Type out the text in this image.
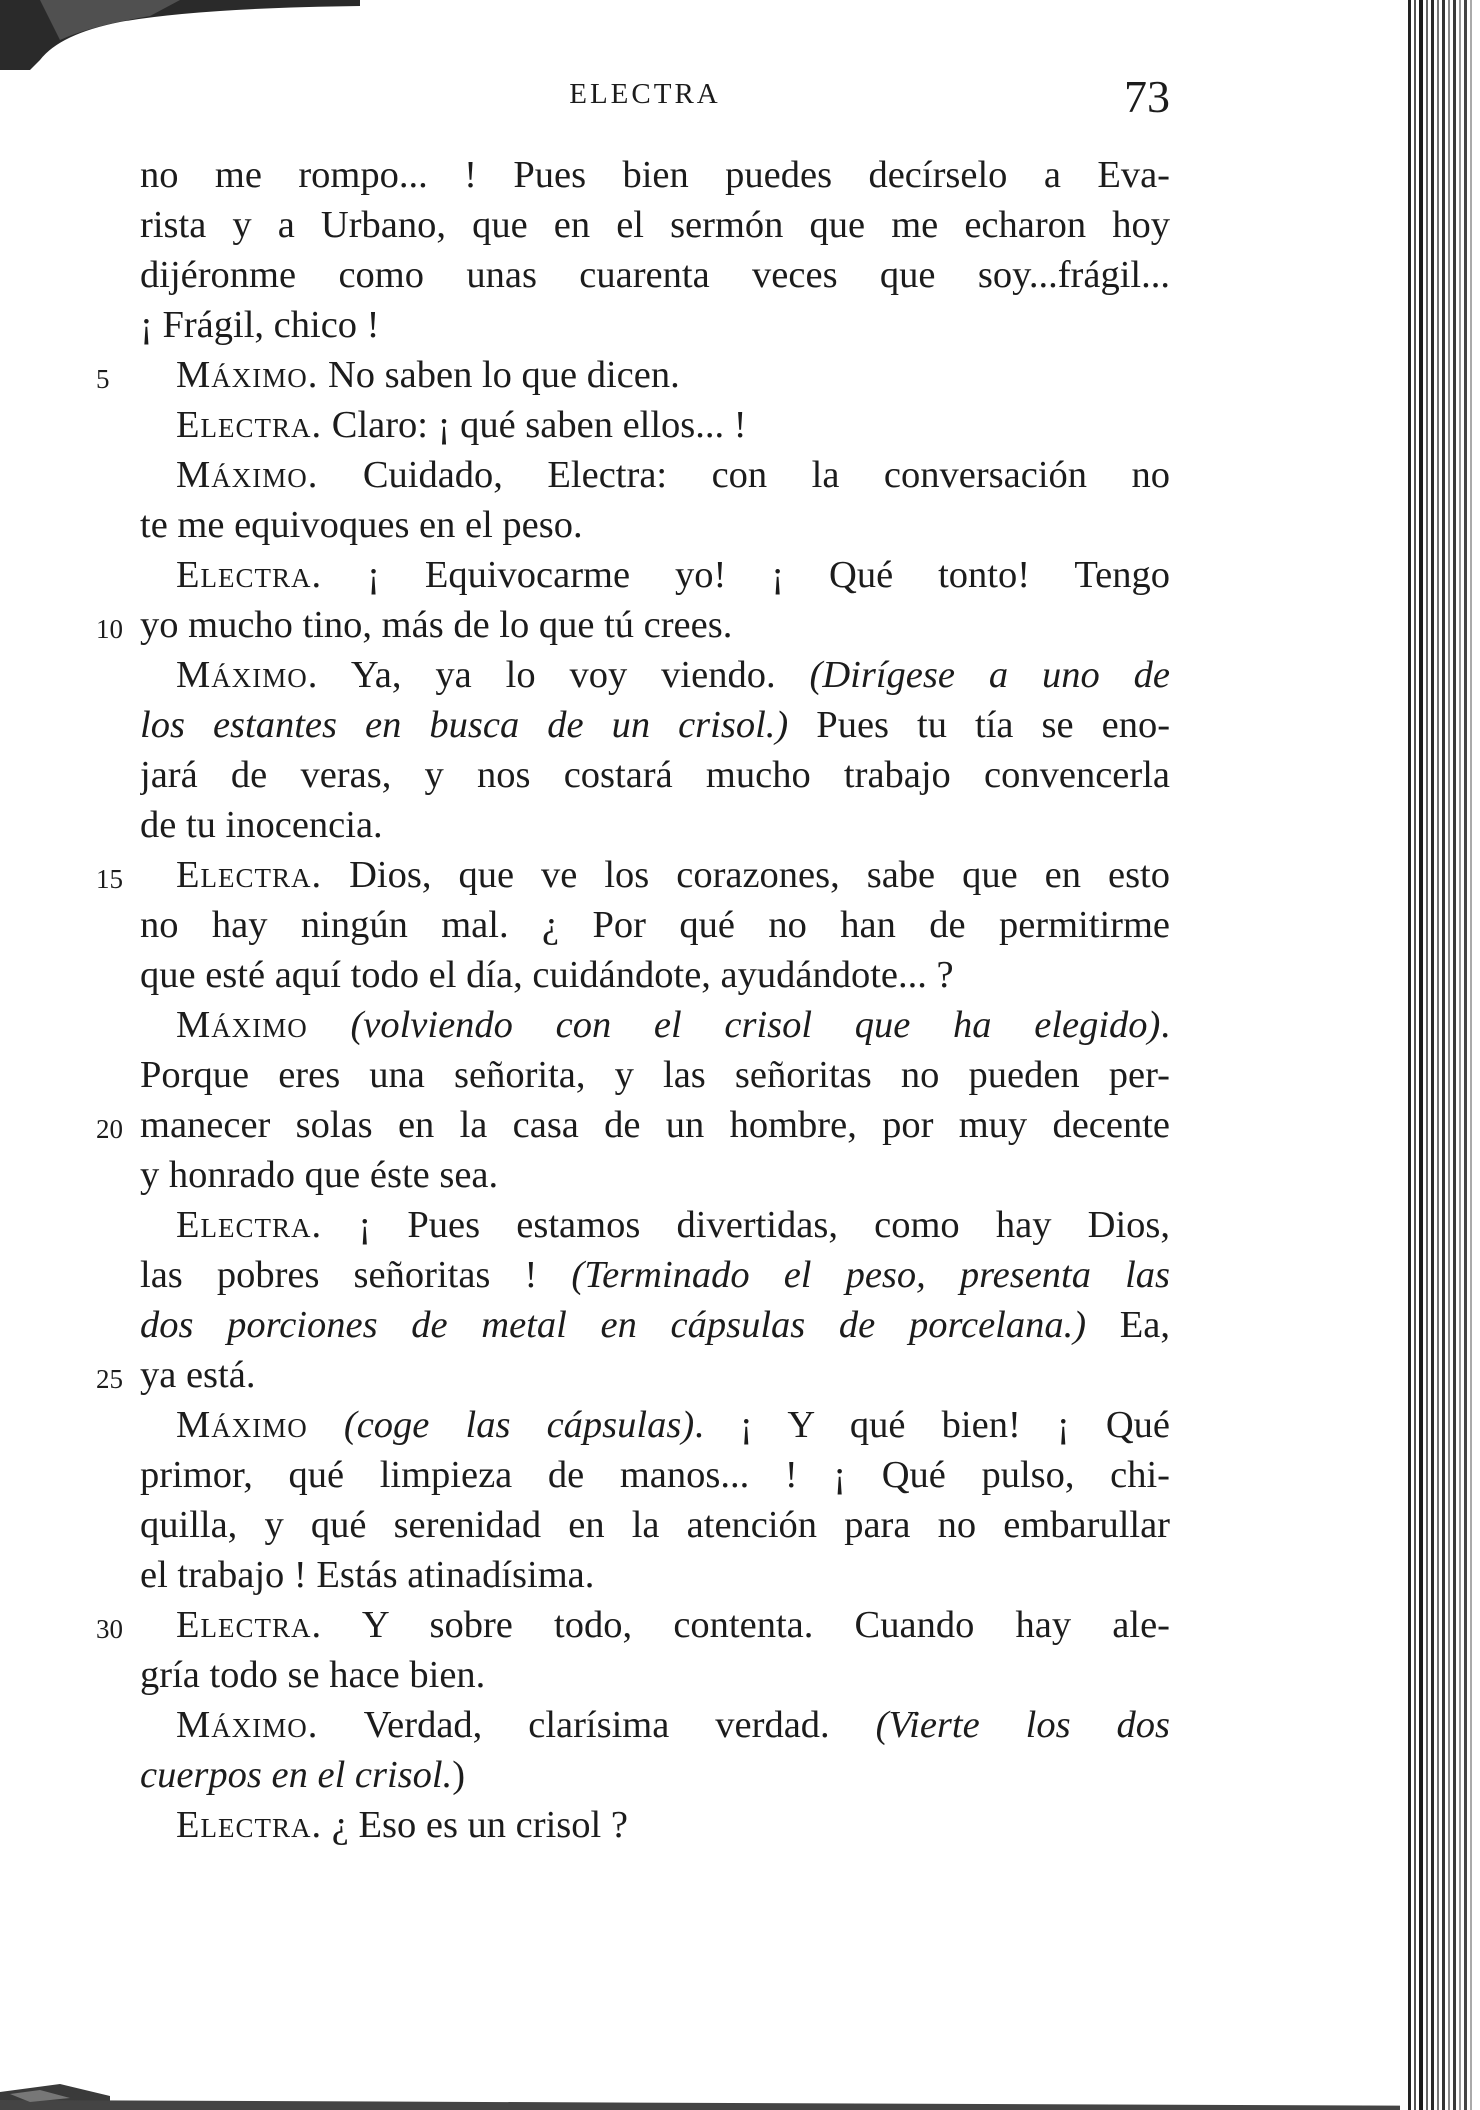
ELECTRA	73
no me rompo... ! Pues bien puedes decírselo a Eva-
rista y a Urbano, que en el sermón que me echaron hoy
dijéronme como unas cuarenta veces que soy...frágil...
¡ Frágil, chico !
5	Máximo. No saben lo que dicen.
Electra. Claro: ¡ qué saben ellos... !
Máximo. Cuidado, Electra: con la conversación no
te me equivoques en el peso.
Electra. ¡ Equivocarme yo! ¡ Qué tonto! Tengo
10 yo mucho tino, más de lo que tú crees.
Máximo. Ya, ya lo voy viendo. (Dirígese a uno de
los estantes en busca de un crisol.) Pues tu tía se eno-
jará de veras, y nos costará mucho trabajo convencerla
de tu inocencia.
15	Electra. Dios, que ve los corazones, sabe que en esto
no hay ningún mal. ¿ Por qué no han de permitirme
que esté aquí todo el día, cuidándote, ayudándote... ?
Máximo (volviendo con el crisol que ha elegido).
Porque eres una señorita, y las señoritas no pueden per-
20 manecer solas en la casa de un hombre, por muy decente
y honrado que éste sea.
Electra. ¡ Pues estamos divertidas, como hay Dios,
las pobres señoritas ! (Terminado el peso, presenta las
dos porciones de metal en cápsulas de porcelana.) Ea,
25 ya está.
Máximo (coge las cápsulas). ¡ Y qué bien! ¡ Qué
primor, qué limpieza de manos... ! ¡ Qué pulso, chi-
quilla, y qué serenidad en la atención para no embarullar
el trabajo ! Estás atinadísima.
30	Electra. Y sobre todo, contenta. Cuando hay ale-
gría todo se hace bien.
Máximo. Verdad, clarísima verdad. (Vierte los dos
cuerpos en el crisol.)
Electra. ¿ Eso es un crisol ?
